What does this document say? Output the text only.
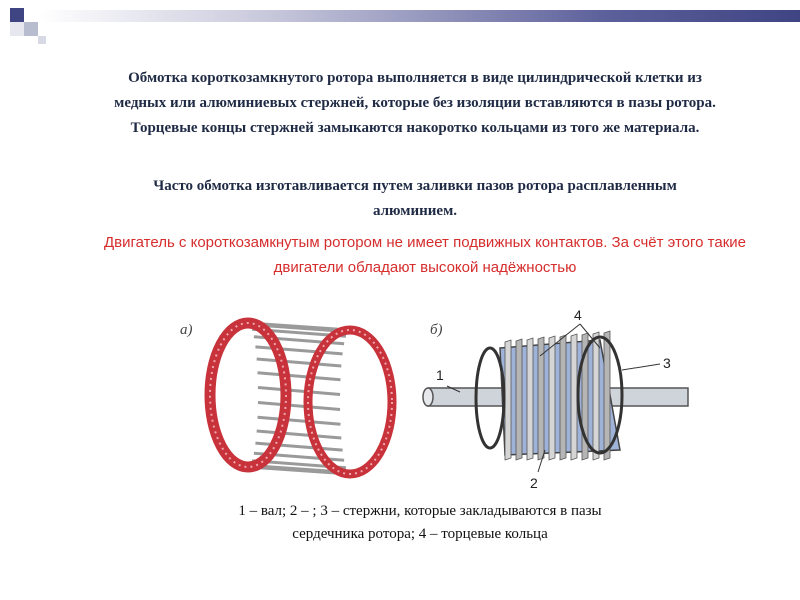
Обмотка короткозамкнутого ротора выполняется в виде цилиндрической клетки из медных или алюминиевых стержней, которые без изоляции вставляются в пазы ротора. Торцевые концы стержней замыкаются накоротко кольцами из того же материала.
Часто обмотка изготавливается путем заливки пазов ротора расплавленным алюминием.
Двигатель с короткозамкнутым ротором не имеет подвижных контактов. За счёт этого такие двигатели обладают высокой надёжностью
а)	б)
1
2
3
4
1 – вал; 2 – ; 3 – стержни, которые закладываются в пазы сердечника ротора; 4 – торцевые кольца
